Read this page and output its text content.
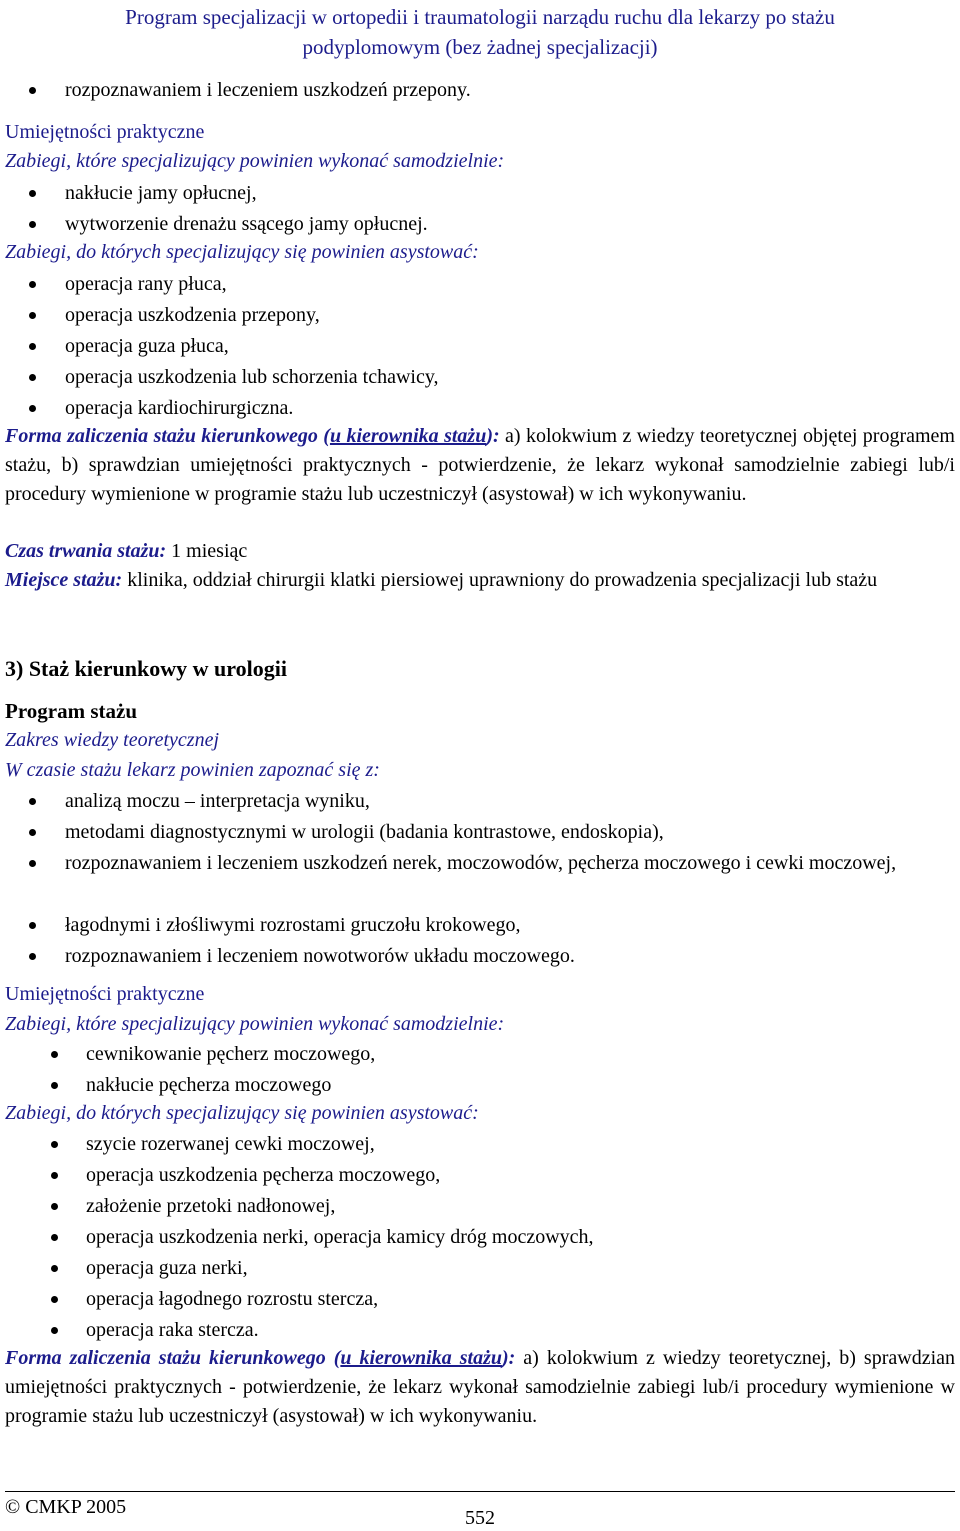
Program specjalizacji w ortopedii i traumatologii narządu ruchu dla lekarzy po stażu
podyplomowym (bez żadnej specjalizacji)
rozpoznawaniem i leczeniem uszkodzeń przepony.

Umiejętności praktyczne

Zabiegi, które specjalizujący powinien wykonać samodzielnie:

nakłucie jamy opłucnej,
wytworzenie drenażu ssącego jamy opłucnej.

Zabiegi, do których specjalizujący się powinien asystować:

operacja rany płuca,
operacja uszkodzenia przepony,
operacja guza płuca,
operacja uszkodzenia lub schorzenia tchawicy,
operacja kardiochirurgiczna.

Forma zaliczenia stażu kierunkowego (u kierownika stażu): a) kolokwium z wiedzy teoretycznej objętej programem stażu, b) sprawdzian umiejętności praktycznych - potwierdzenie, że lekarz wykonał samodzielnie zabiegi lub/i procedury wymienione w programie stażu lub uczestniczył (asystował) w ich wykonywaniu.

Czas trwania stażu: 1 miesiąc

Miejsce stażu: klinika, oddział chirurgii klatki piersiowej uprawniony do prowadzenia specjalizacji lub stażu

3) Staż kierunkowy w urologii

Program stażu

Zakres wiedzy teoretycznej

W czasie stażu lekarz powinien zapoznać się z:

analizą moczu – interpretacja wyniku,
metodami diagnostycznymi w urologii (badania kontrastowe, endoskopia),
rozpoznawaniem i leczeniem uszkodzeń nerek, moczowodów, pęcherza moczowego i cewki moczowej,
łagodnymi i złośliwymi rozrostami gruczołu krokowego,
rozpoznawaniem i leczeniem nowotworów układu moczowego.

Umiejętności praktyczne

Zabiegi, które specjalizujący powinien wykonać samodzielnie:

cewnikowanie pęcherz moczowego,
nakłucie pęcherza moczowego

Zabiegi, do których specjalizujący się powinien asystować:

szycie rozerwanej cewki moczowej,
operacja uszkodzenia pęcherza moczowego,
założenie przetoki nadłonowej,
operacja uszkodzenia nerki, operacja kamicy dróg moczowych,
operacja guza nerki,
operacja łagodnego rozrostu stercza,
operacja raka stercza.

Forma zaliczenia stażu kierunkowego (u kierownika stażu): a) kolokwium z wiedzy teoretycznej, b) sprawdzian umiejętności praktycznych - potwierdzenie, że lekarz wykonał samodzielnie zabiegi lub/i procedury wymienione w programie stażu lub uczestniczył (asystował) w ich wykonywaniu.

© CMKP 2005	552
